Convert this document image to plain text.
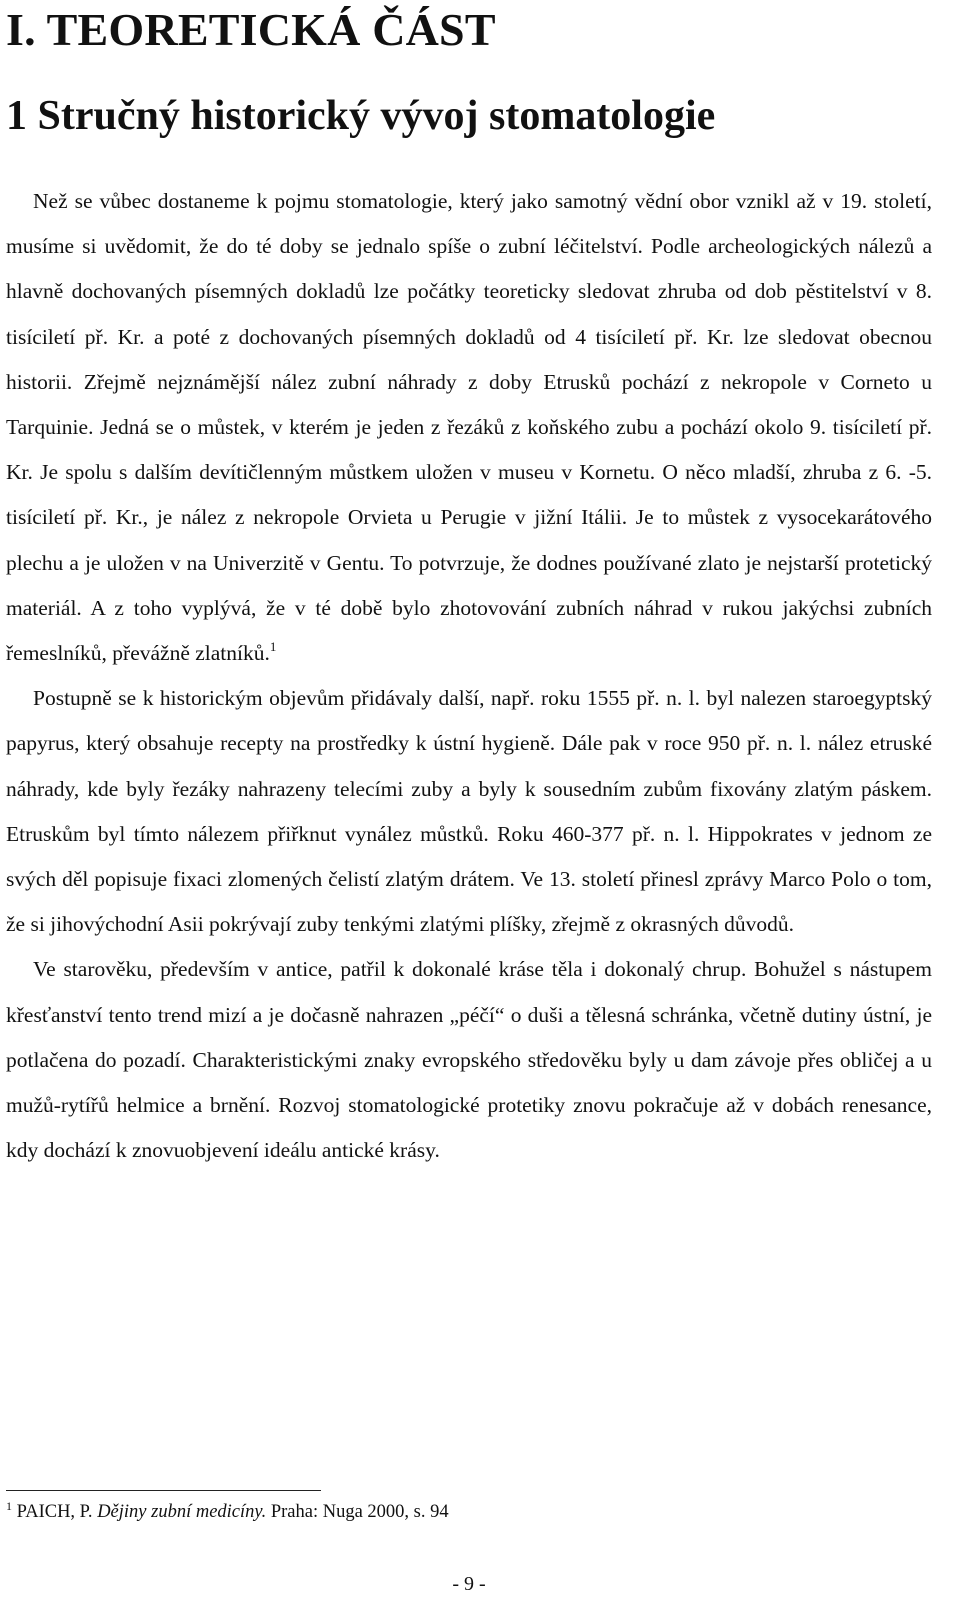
I. TEORETICKÁ ČÁST
1 Stručný historický vývoj stomatologie

Než se vůbec dostaneme k pojmu stomatologie, který jako samotný vědní obor vznikl až v 19. století, musíme si uvědomit, že do té doby se jednalo spíše o zubní léčitelství. Podle archeologických nálezů a hlavně dochovaných písemných dokladů lze počátky teoreticky sledovat zhruba od dob pěstitelství v 8. tisíciletí př. Kr. a poté z dochovaných písemných dokladů od 4 tisíciletí př. Kr. lze sledovat obecnou historii. Zřejmě nejznámější nález zubní náhrady z doby Etrusků pochází z nekropole v Corneto u Tarquinie. Jedná se o můstek, v kterém je jeden z řezáků z koňského zubu a pochází okolo 9. tisíciletí př. Kr. Je spolu s dalším devítičlenným můstkem uložen v museu v Kornetu. O něco mladší, zhruba z 6. -5. tisíciletí př. Kr., je nález z nekropole Orvieta u Perugie v jižní Itálii. Je to můstek z vysocekarátového plechu a je uložen v na Univerzitě v Gentu. To potvrzuje, že dodnes používané zlato je nejstarší protetický materiál. A z toho vyplývá, že v té době bylo zhotovování zubních náhrad v rukou jakýchsi zubních řemeslníků, převážně zlatníků.$^1$

Postupně se k historickým objevům přidávaly další, např. roku 1555 př. n. l. byl nalezen staroegyptský papyrus, který obsahuje recepty na prostředky k ústní hygieně. Dále pak v roce 950 př. n. l. nález etruské náhrady, kde byly řezáky nahrazeny telecími zuby a byly k sousedním zubům fixovány zlatým páskem. Etruskům byl tímto nálezem přiřknut vynález můstků. Roku 460-377 př. n. l. Hippokrates v jednom ze svých děl popisuje fixaci zlomených čelistí zlatým drátem. Ve 13. století přinesl zprávy Marco Polo o tom, že si jihovýchodní Asii pokrývají zuby tenkými zlatými plíšky, zřejmě z okrasných důvodů.

Ve starověku, především v antice, patřil k dokonalé kráse těla i dokonalý chrup. Bohužel s nástupem křesťanství tento trend mizí a je dočasně nahrazen „péčí“ o duši a tělesná schránka, včetně dutiny ústní, je potlačena do pozadí. Charakteristickými znaky evropského středověku byly u dam závoje přes obličej a u mužů-rytířů helmice a brnění. Rozvoj stomatologické protetiky znovu pokračuje až v dobách renesance, kdy dochází k znovuobjevení ideálu antické krásy.

$^1$ PAICH, P. Dějiny zubní medicíny. Praha: Nuga 2000, s. 94
- 9 -
